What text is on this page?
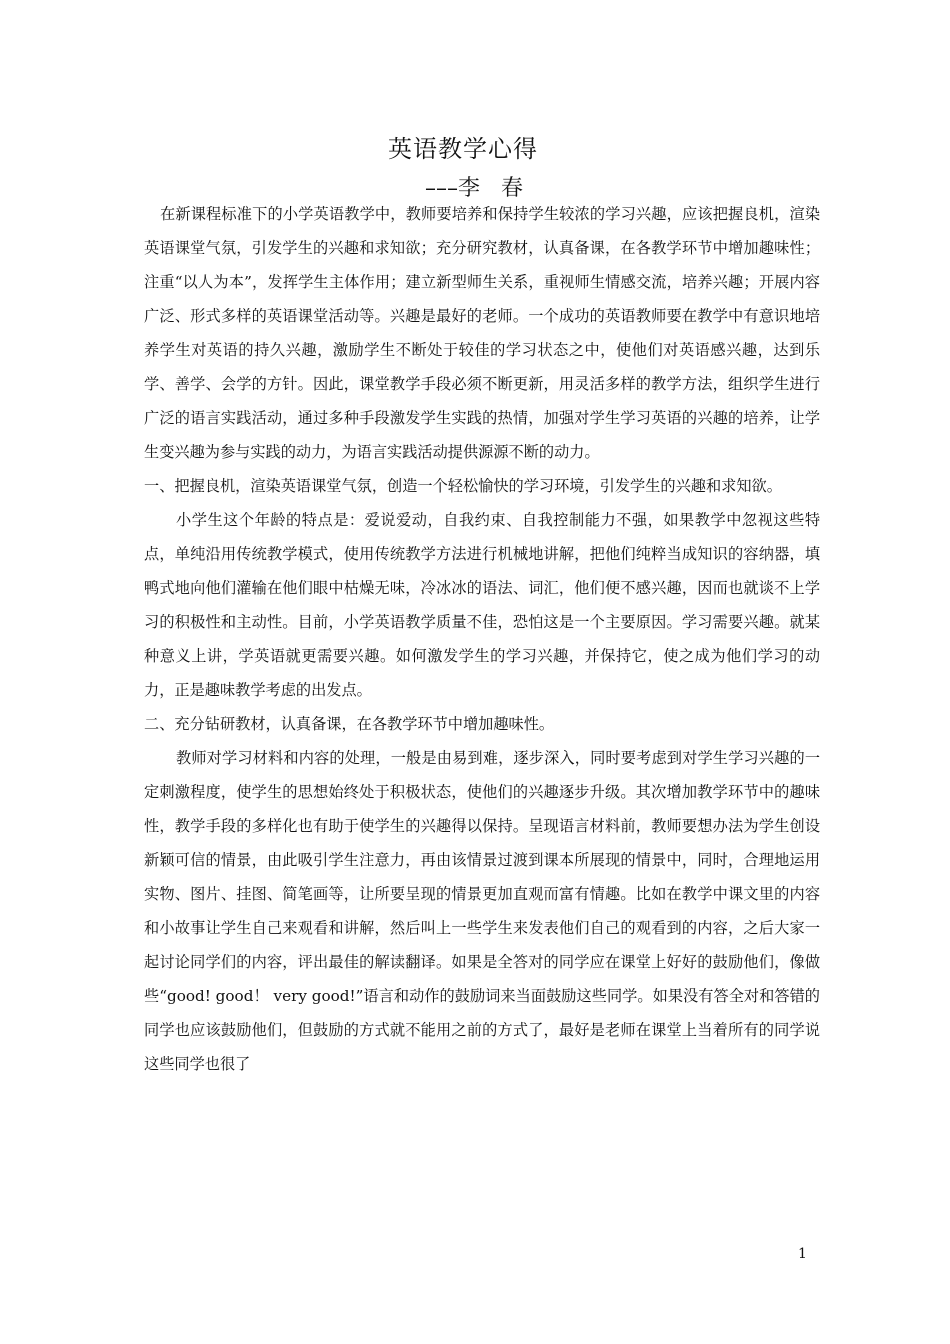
英语教学心得
–––李   春

在新课程标准下的小学英语教学中，教师要培养和保持学生较浓的学习兴趣，应该把握良机，渲染英语课堂气氛，引发学生的兴趣和求知欲；充分研究教材，认真备课，在各教学环节中增加趣味性；注重“以人为本”，发挥学生主体作用；建立新型师生关系，重视师生情感交流，培养兴趣；开展内容广泛、形式多样的英语课堂活动等。兴趣是最好的老师。一个成功的英语教师要在教学中有意识地培养学生对英语的持久兴趣，激励学生不断处于较佳的学习状态之中，使他们对英语感兴趣，达到乐学、善学、会学的方针。因此，课堂教学手段必须不断更新，用灵活多样的教学方法，组织学生进行广泛的语言实践活动，通过多种手段激发学生实践的热情，加强对学生学习英语的兴趣的培养，让学生变兴趣为参与实践的动力，为语言实践活动提供源源不断的动力。

一、把握良机，渲染英语课堂气氛，创造一个轻松愉快的学习环境，引发学生的兴趣和求知欲。

小学生这个年龄的特点是：爱说爱动，自我约束、自我控制能力不强，如果教学中忽视这些特点，单纯沿用传统教学模式，使用传统教学方法进行机械地讲解，把他们纯粹当成知识的容纳器，填鸭式地向他们灌输在他们眼中枯燥无味，冷冰冰的语法、词汇，他们便不感兴趣，因而也就谈不上学习的积极性和主动性。目前，小学英语教学质量不佳，恐怕这是一个主要原因。学习需要兴趣。就某种意义上讲，学英语就更需要兴趣。如何激发学生的学习兴趣，并保持它，使之成为他们学习的动力，正是趣味教学考虑的出发点。

二、充分钻研教材，认真备课，在各教学环节中增加趣味性。

教师对学习材料和内容的处理，一般是由易到难，逐步深入，同时要考虑到对学生学习兴趣的一定刺激程度，使学生的思想始终处于积极状态，使他们的兴趣逐步升级。其次增加教学环节中的趣味性，教学手段的多样化也有助于使学生的兴趣得以保持。呈现语言材料前，教师要想办法为学生创设新颖可信的情景，由此吸引学生注意力，再由该情景过渡到课本所展现的情景中，同时，合理地运用实物、图片、挂图、简笔画等，让所要呈现的情景更加直观而富有情趣。比如在教学中课文里的内容和小故事让学生自己来观看和讲解，然后叫上一些学生来发表他们自己的观看到的内容，之后大家一起讨论同学们的内容，评出最佳的解读翻译。如果是全答对的同学应在课堂上好好的鼓励他们，像做些“good! good！ very good!”语言和动作的鼓励词来当面鼓励这些同学。如果没有答全对和答错的同学也应该鼓励他们，但鼓励的方式就不能用之前的方式了，最好是老师在课堂上当着所有的同学说这些同学也很了

1
